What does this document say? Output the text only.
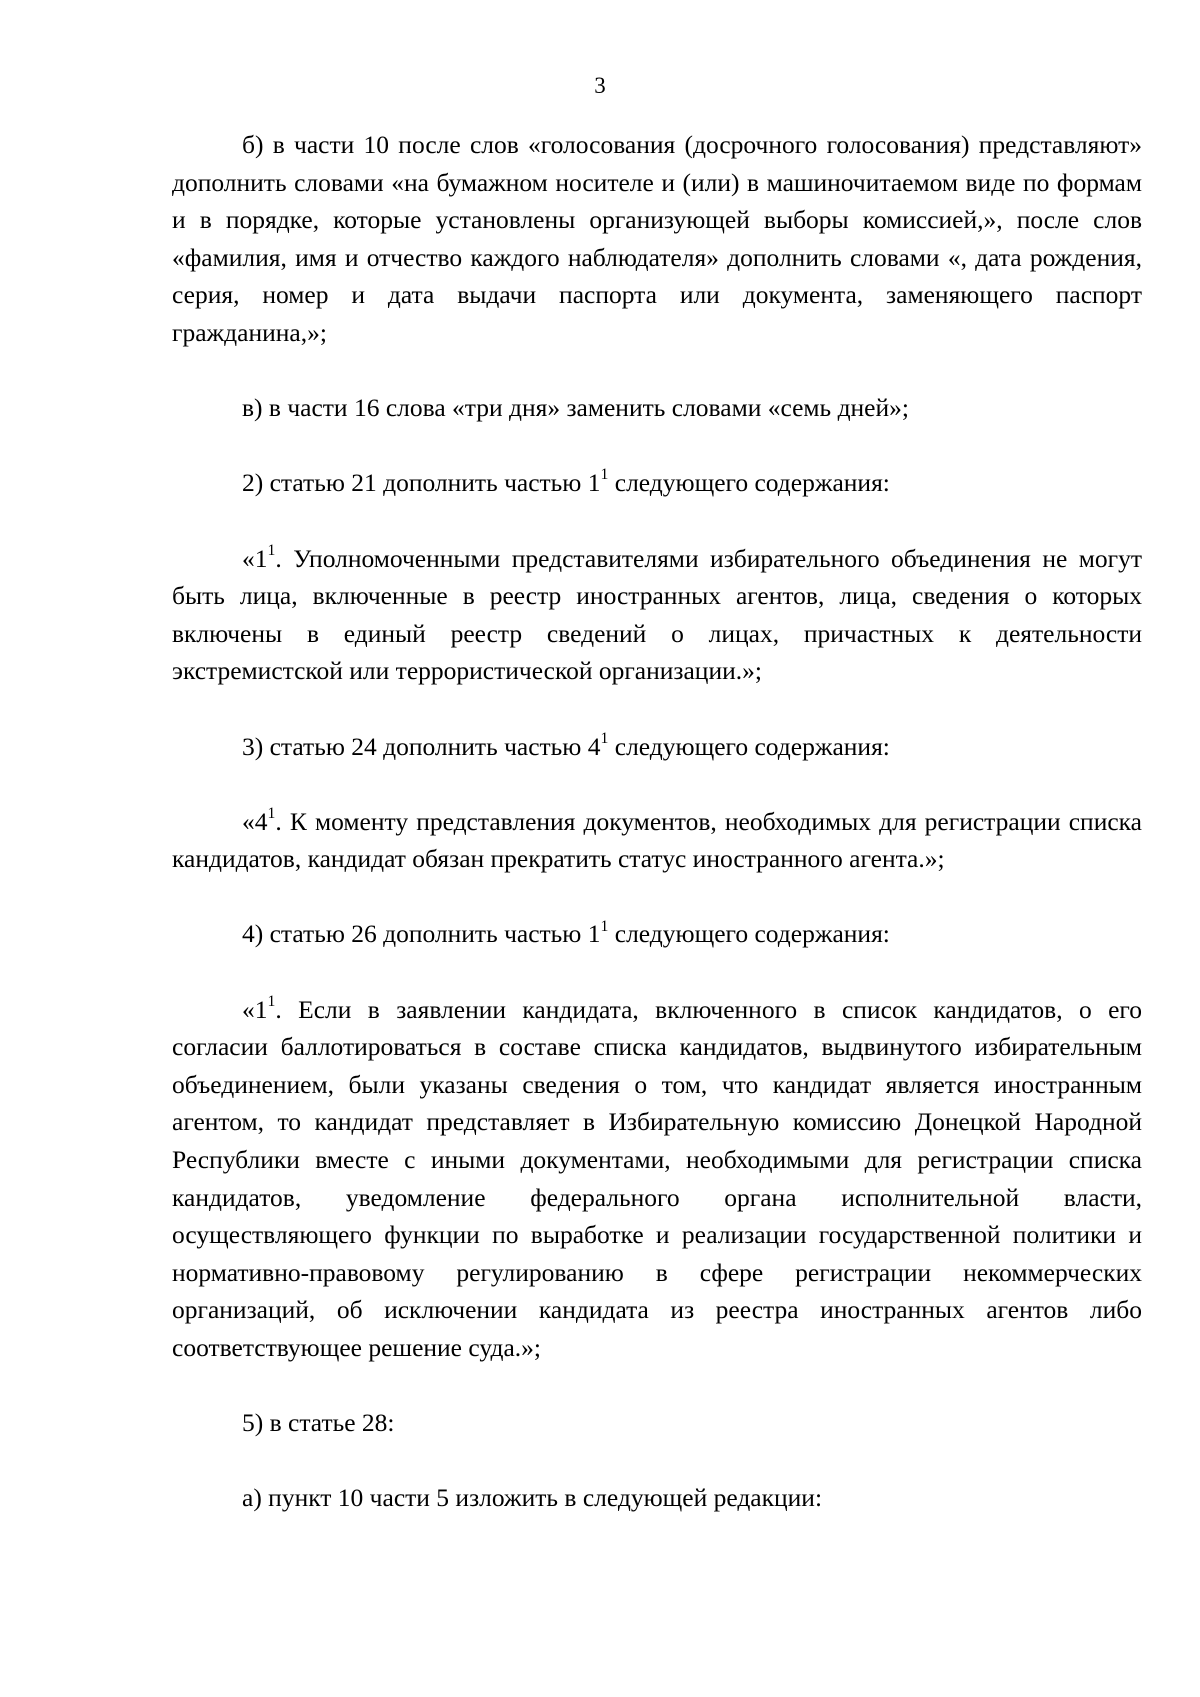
3

б) в части 10 после слов «голосования (досрочного голосования) представляют» дополнить словами «на бумажном носителе и (или) в машиночитаемом виде по формам и в порядке, которые установлены организующей выборы комиссией,», после слов «фамилия, имя и отчество каждого наблюдателя» дополнить словами «, дата рождения, серия, номер и дата выдачи паспорта или документа, заменяющего паспорт гражданина,»;

в) в части 16 слова «три дня» заменить словами «семь дней»;

2) статью 21 дополнить частью $1^1$ следующего содержания:

«$1^1$. Уполномоченными представителями избирательного объединения не могут быть лица, включенные в реестр иностранных агентов, лица, сведения о которых включены в единый реестр сведений о лицах, причастных к деятельности экстремистской или террористической организации.»;

3) статью 24 дополнить частью $4^1$ следующего содержания:

«$4^1$. К моменту представления документов, необходимых для регистрации списка кандидатов, кандидат обязан прекратить статус иностранного агента.»;

4) статью 26 дополнить частью $1^1$ следующего содержания:

«$1^1$. Если в заявлении кандидата, включенного в список кандидатов, о его согласии баллотироваться в составе списка кандидатов, выдвинутого избирательным объединением, были указаны сведения о том, что кандидат является иностранным агентом, то кандидат представляет в Избирательную комиссию Донецкой Народной Республики вместе с иными документами, необходимыми для регистрации списка кандидатов, уведомление федерального органа исполнительной власти, осуществляющего функции по выработке и реализации государственной политики и нормативно-правовому регулированию в сфере регистрации некоммерческих организаций, об исключении кандидата из реестра иностранных агентов либо соответствующее решение суда.»;

5) в статье 28:

а) пункт 10 части 5 изложить в следующей редакции:
